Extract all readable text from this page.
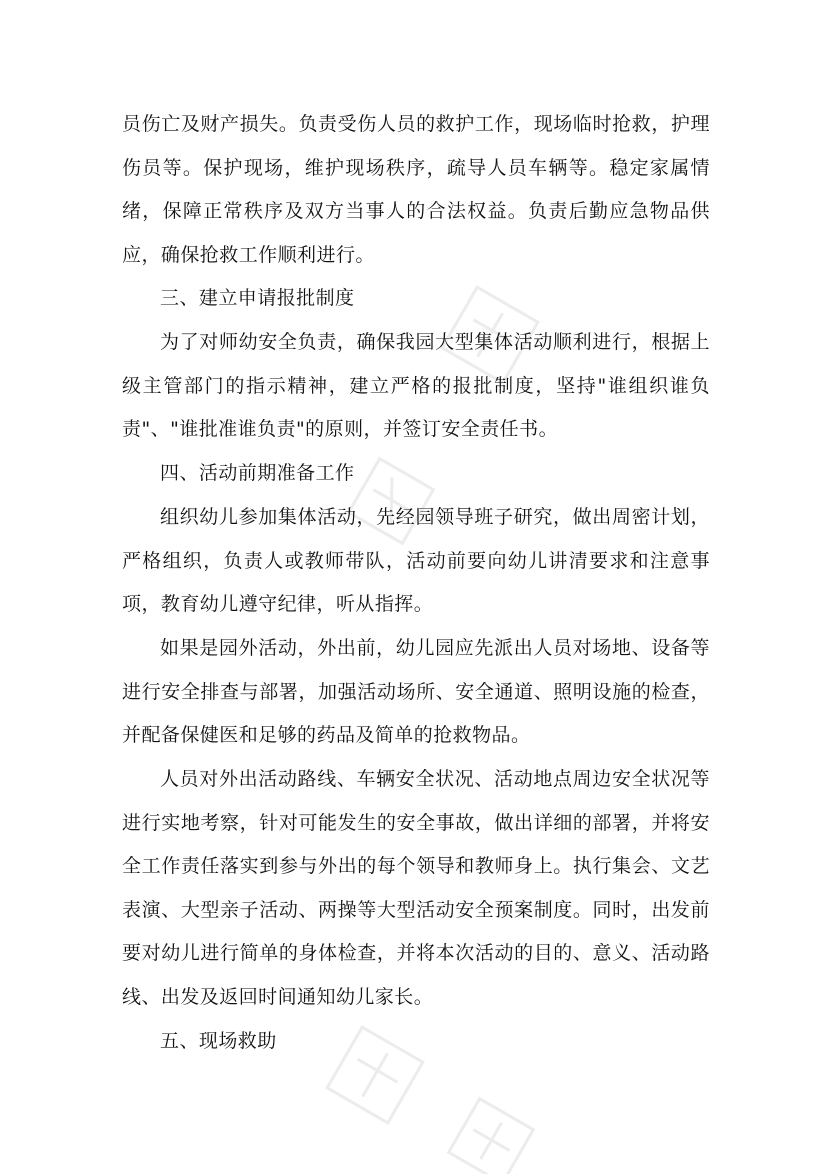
员伤亡及财产损失。负责受伤人员的救护工作，现场临时抢救，护理伤员等。保护现场，维护现场秩序，疏导人员车辆等。稳定家属情绪，保障正常秩序及双方当事人的合法权益。负责后勤应急物品供应，确保抢救工作顺利进行。

三、建立申请报批制度

为了对师幼安全负责，确保我园大型集体活动顺利进行，根据上级主管部门的指示精神，建立严格的报批制度，坚持"谁组织谁负责"、"谁批准谁负责"的原则，并签订安全责任书。

四、活动前期准备工作

组织幼儿参加集体活动，先经园领导班子研究，做出周密计划，严格组织，负责人或教师带队，活动前要向幼儿讲清要求和注意事项，教育幼儿遵守纪律，听从指挥。

如果是园外活动，外出前，幼儿园应先派出人员对场地、设备等进行安全排查与部署，加强活动场所、安全通道、照明设施的检查，并配备保健医和足够的药品及简单的抢救物品。

人员对外出活动路线、车辆安全状况、活动地点周边安全状况等进行实地考察，针对可能发生的安全事故，做出详细的部署，并将安全工作责任落实到参与外出的每个领导和教师身上。执行集会、文艺表演、大型亲子活动、两操等大型活动安全预案制度。同时，出发前要对幼儿进行简单的身体检查，并将本次活动的目的、意义、活动路线、出发及返回时间通知幼儿家长。

五、现场救助
